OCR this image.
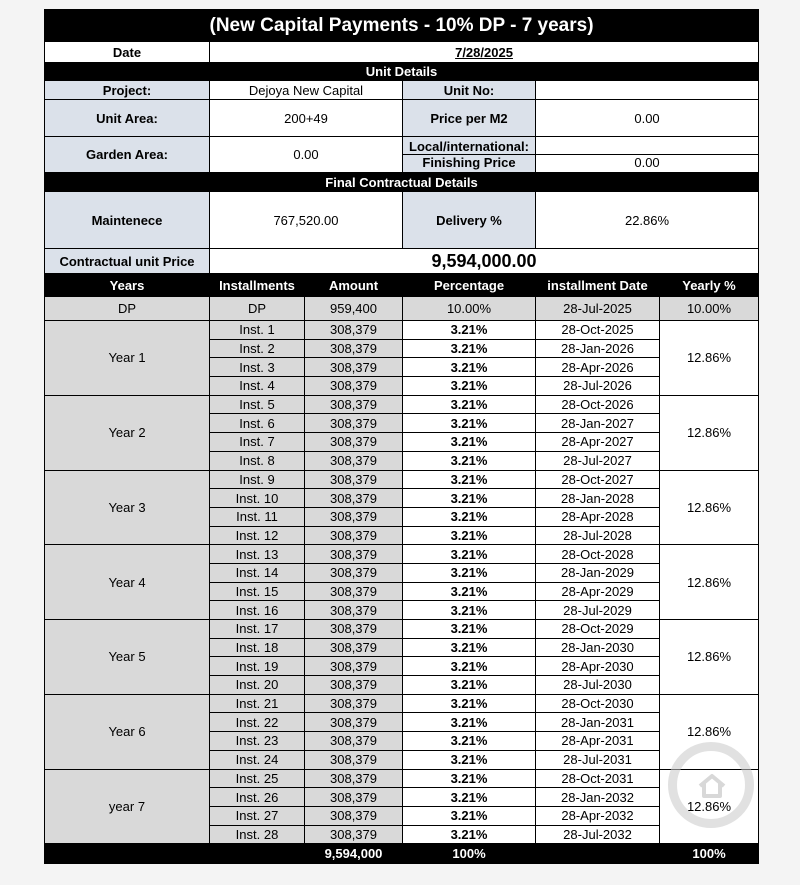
(New Capital Payments - 10% DP - 7 years)			
Date	7/28/2025		
Unit Details			
Project:	Dejoya New Capital	Unit No:	
Unit Area:	200+49	Price per M2	0.00
Garden Area:	0.00	Local/international:
Finishing Price	0.00

Final Contractual Details			
Maintenece	767,520.00	Delivery %	22.86%
Contractual unit Price	9,594,000.00		
Years	Installments	Amount	Percentage	installment Date	Yearly %
DP	DP	959,400	10.00%	28-Jul-2025	10.00%
Year 1	Inst. 1	308,379	3.21%	28-Oct-2025	12.86%
	Inst. 2	308,379	3.21%	28-Jan-2026	
	Inst. 3	308,379	3.21%	28-Apr-2026	
	Inst. 4	308,379	3.21%	28-Jul-2026	
Year 2	Inst. 5	308,379	3.21%	28-Oct-2026	12.86%
	Inst. 6	308,379	3.21%	28-Jan-2027	
	Inst. 7	308,379	3.21%	28-Apr-2027	
	Inst. 8	308,379	3.21%	28-Jul-2027	
Year 3	Inst. 9	308,379	3.21%	28-Oct-2027	12.86%
	Inst. 10	308,379	3.21%	28-Jan-2028	
	Inst. 11	308,379	3.21%	28-Apr-2028	
	Inst. 12	308,379	3.21%	28-Jul-2028	
Year 4	Inst. 13	308,379	3.21%	28-Oct-2028	12.86%
	Inst. 14	308,379	3.21%	28-Jan-2029	
	Inst. 15	308,379	3.21%	28-Apr-2029	
	Inst. 16	308,379	3.21%	28-Jul-2029	
Year 5	Inst. 17	308,379	3.21%	28-Oct-2029	12.86%
	Inst. 18	308,379	3.21%	28-Jan-2030	
	Inst. 19	308,379	3.21%	28-Apr-2030	
	Inst. 20	308,379	3.21%	28-Jul-2030	
Year 6	Inst. 21	308,379	3.21%	28-Oct-2030	12.86%
	Inst. 22	308,379	3.21%	28-Jan-2031	
	Inst. 23	308,379	3.21%	28-Apr-2031	
	Inst. 24	308,379	3.21%	28-Jul-2031	
year 7	Inst. 25	308,379	3.21%	28-Oct-2031	12.86%
	Inst. 26	308,379	3.21%	28-Jan-2032	
	Inst. 27	308,379	3.21%	28-Apr-2032	
	Inst. 28	308,379	3.21%	28-Jul-2032	
		9,594,000	100%		100%
